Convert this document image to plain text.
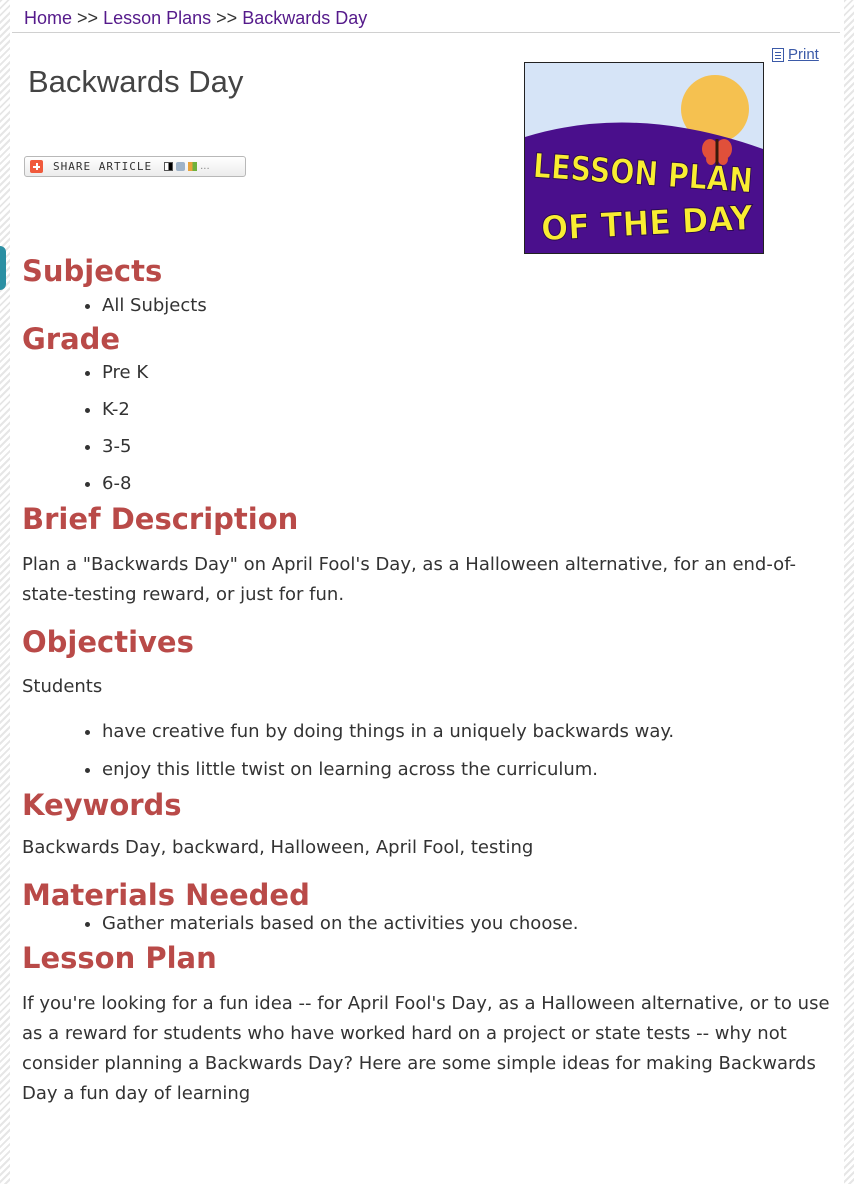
Home >> Lesson Plans >> Backwards Day
Print
Backwards Day
SHARE ARTICLE	...	LESSON PLAN
OF THE DAY
Subjects
• All Subjects
Grade
• Pre K
• K-2
• 3-5
• 6-8
Brief Description

Plan a "Backwards Day" on April Fool's Day, as a Halloween alternative, for an end-of-state-testing reward, or just for fun.

Objectives

Students

• have creative fun by doing things in a uniquely backwards way.
• enjoy this little twist on learning across the curriculum.
Keywords

Backwards Day, backward, Halloween, April Fool, testing

Materials Needed
• Gather materials based on the activities you choose.
Lesson Plan

If you're looking for a fun idea -- for April Fool's Day, as a Halloween alternative, or to use as a reward for students who have worked hard on a project or state tests -- why not consider planning a Backwards Day? Here are some simple ideas for making Backwards Day a fun day of learning
